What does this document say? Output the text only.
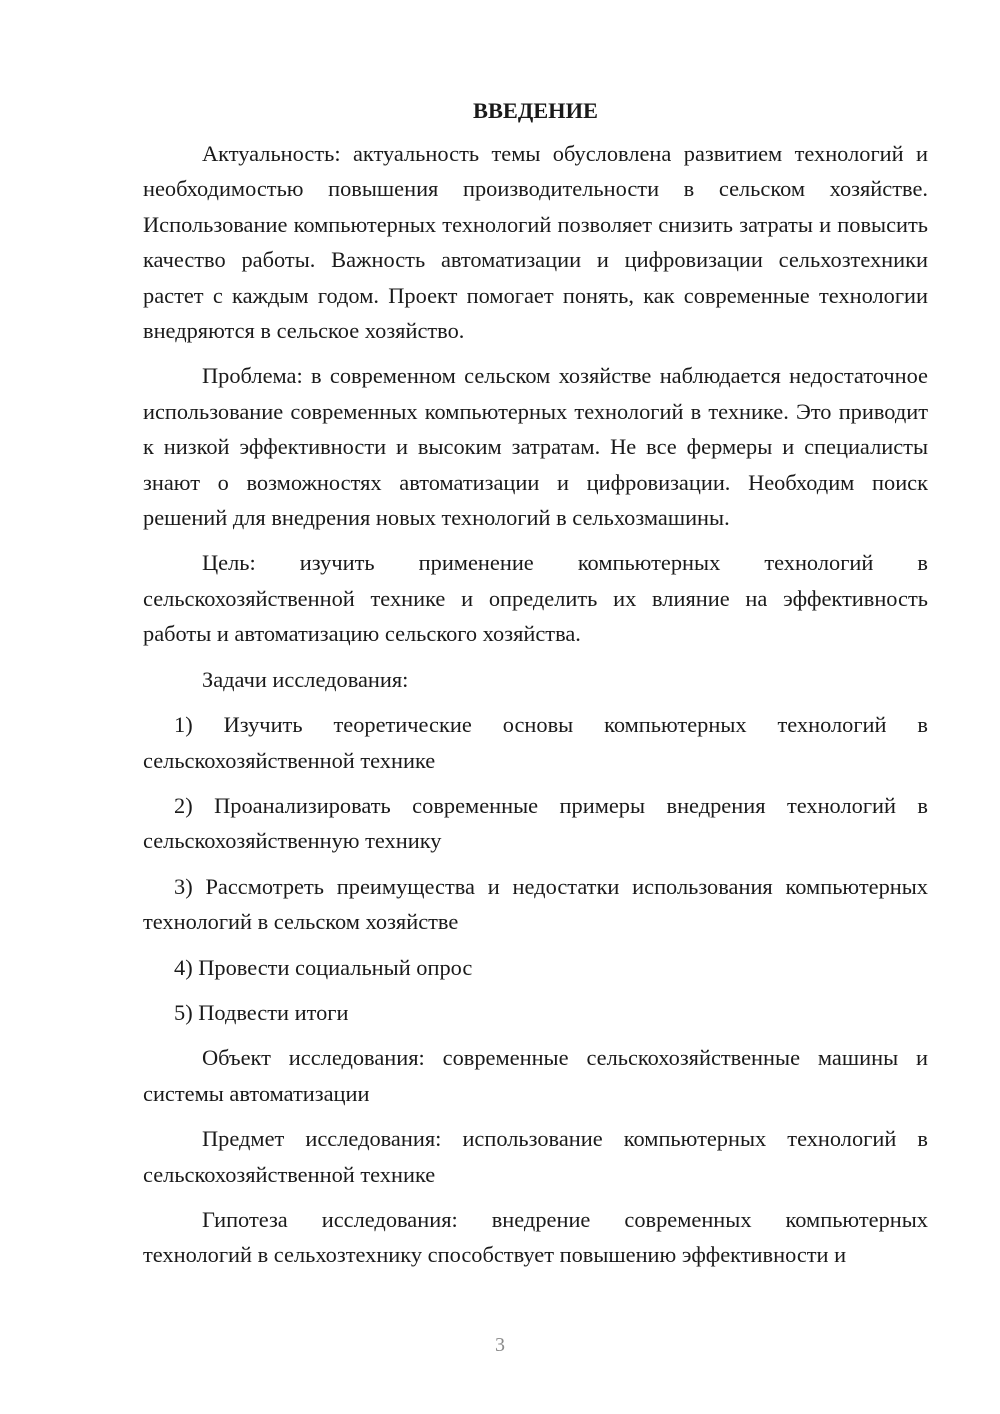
ВВЕДЕНИЕ
Актуальность: актуальность темы обусловлена развитием технологий и необходимостью повышения производительности в сельском хозяйстве. Использование компьютерных технологий позволяет снизить затраты и повысить качество работы. Важность автоматизации и цифровизации сельхозтехники растет с каждым годом. Проект помогает понять, как современные технологии внедряются в сельское хозяйство.
Проблема: в современном сельском хозяйстве наблюдается недостаточное использование современных компьютерных технологий в технике. Это приводит к низкой эффективности и высоким затратам. Не все фермеры и специалисты знают о возможностях автоматизации и цифровизации. Необходим поиск решений для внедрения новых технологий в сельхозмашины.
Цель: изучить применение компьютерных технологий в сельскохозяйственной технике и определить их влияние на эффективность работы и автоматизацию сельского хозяйства.
Задачи исследования:
1) Изучить теоретические основы компьютерных технологий в сельскохозяйственной технике
2) Проанализировать современные примеры внедрения технологий в сельскохозяйственную технику
3) Рассмотреть преимущества и недостатки использования компьютерных технологий в сельском хозяйстве
4) Провести социальный опрос
5) Подвести итоги
Объект исследования: современные сельскохозяйственные машины и системы автоматизации
Предмет исследования: использование компьютерных технологий в сельскохозяйственной технике
Гипотеза исследования: внедрение современных компьютерных технологий в сельхозтехнику способствует повышению эффективности и
3
